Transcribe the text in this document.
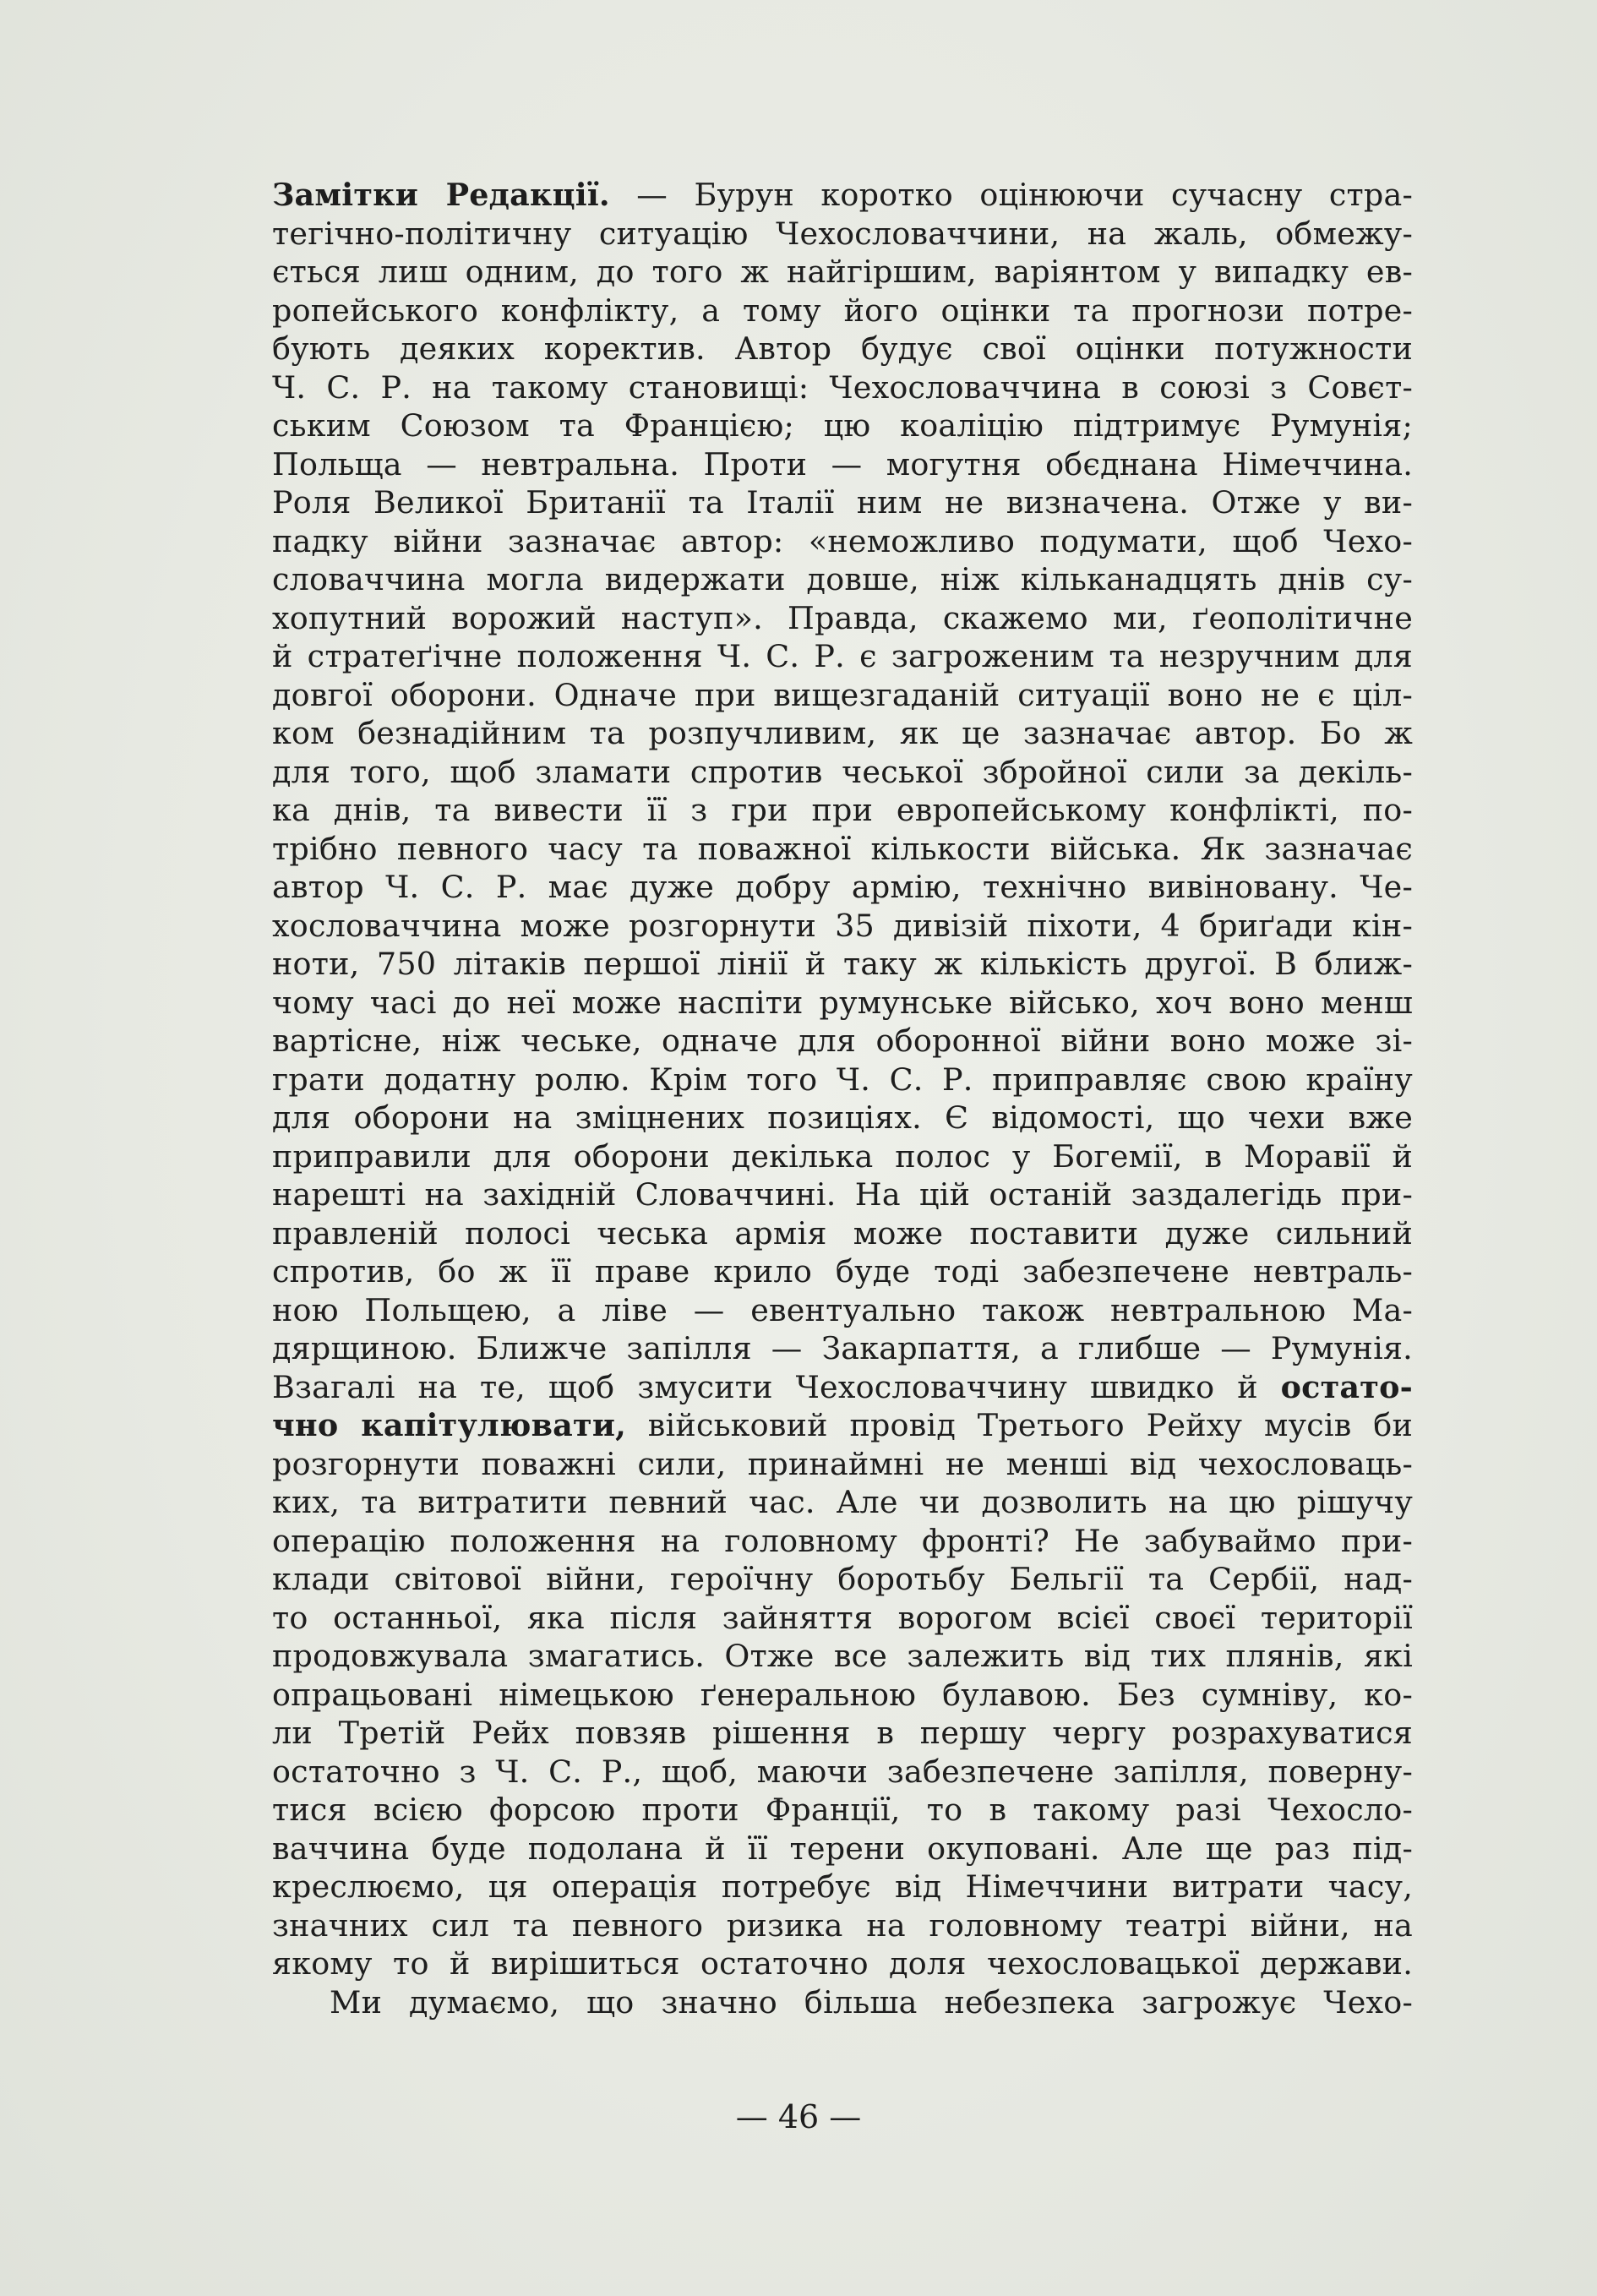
Замітки Редакції. — Бурун коротко оцінюючи сучасну стра-
тегічно-політичну ситуацію Чехословаччини, на жаль, обмежу-
ється лиш одним, до того ж найгіршим, варіянтом у випадку ев-
ропейського конфлікту, а тому його оцінки та прогнози потре-
бують деяких коректив. Автор будує свої оцінки потужности
Ч. С. Р. на такому становищі: Чехословаччина в союзі з Совєт-
ським Союзом та Францією; цю коаліцію підтримує Румунія;
Польща — невтральна. Проти — могутня обєднана Німеччина.
Роля Великої Британії та Італії ним не визначена. Отже у ви-
падку війни зазначає автор: «неможливо подумати, щоб Чехо-
словаччина могла видержати довше, ніж кільканадцять днів су-
хопутний ворожий наступ». Правда, скажемо ми, ґеополітичне
й стратеґічне положення Ч. С. Р. є загроженим та незручним для
довгої оборони. Одначе при вищезгаданій ситуації воно не є цiл-
ком безнадійним та розпучливим, як це зазначає автор. Бо ж
для того, щоб зламати спротив чеської збройної сили за декіль-
ка днів, та вивести її з гри при европейському конфлікті, по-
трібно певного часу та поважної кількости війська. Як зазначає
автор Ч. С. Р. має дуже добру армію, технічно вивіновану. Че-
хословаччина може розгорнути 35 дивізій піхоти, 4 бриґади кін-
ноти, 750 літаків першої лінії й таку ж кількість другої. В ближ-
чому часі до неї може наспіти румунське військо, хоч воно менш
вартісне, ніж чеське, одначе для оборонної війни воно може зі-
грати додатну ролю. Крім того Ч. С. Р. приправляє свою країну
для оборони на зміцнених позиціях. Є відомості, що чехи вже
приправили для оборони декілька полос у Богемії, в Моравії й
нарешті на західній Словаччині. На цій останій заздалегідь при-
правленій полосі чеська армія може поставити дуже сильний
спротив, бо ж її праве крило буде тоді забезпечене невтраль-
ною Польщею, а ліве — евентуально також невтральною Ма-
дярщиною. Ближче запілля — Закарпаття, а глибше — Румунія.
Взагалі на те, щоб змусити Чехословаччину швидко й остато-
чно капітулювати, військовий провід Третього Рейху мусів би
розгорнути поважні сили, принаймні не менші від чехословаць-
ких, та витратити певний час. Але чи дозволить на цю рішучу
операцію положення на головному фронті? Не забуваймо при-
клади світової війни, героїчну боротьбу Бельгії та Сербії, над-
то останньої, яка після зайняття ворогом всієї своєї території
продовжувала змагатись. Отже все залежить від тих плянів, які
опрацьовані німецькою ґенеральною булавою. Без сумніву, ко-
ли Третій Рейх повзяв рішення в першу чергу розрахуватися
остаточно з Ч. С. Р., щоб, маючи забезпечене запілля, поверну-
тися всією форсою проти Франції, то в такому разі Чехосло-
ваччина буде подолана й її терени окуповані. Але ще раз під-
креслюємо, ця операція потребує від Німеччини витрати часу,
значних сил та певного ризика на головному театрі війни, на
якому то й вирішиться остаточно доля чехословацької держави.
Ми думаємо, що значно більша небезпека загрожує Чехо-
— 46 —
